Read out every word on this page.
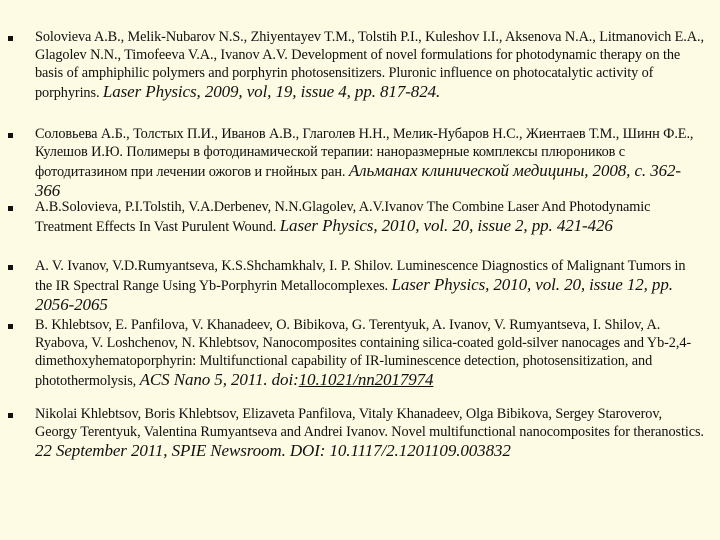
Solovieva A.B., Melik-Nubarov N.S., Zhiyentayev T.M., Tolstih P.I., Kuleshov I.I., Aksenova N.A., Litmanovich E.A., Glagolev N.N., Timofeeva V.A., Ivanov A.V. Development of novel formulations for photodynamic therapy on the basis of amphiphilic polymers and porphyrin photosensitizers. Pluronic influence on photocatalytic activity of porphyrins. Laser Physics, 2009, vol, 19, issue 4, pp. 817-824.
Соловьева А.Б., Толстых П.И., Иванов А.В., Глаголев Н.Н., Мелик-Нубаров Н.С., Жиентаев Т.М., Шинн Ф.Е., Кулешов И.Ю. Полимеры в фотодинамической терапии: наноразмерные комплексы плюроников с фотодитазином при лечении ожогов и гнойных ран. Альманах клинической медицины, 2008, с. 362-366
A.B.Solovieva, P.I.Tolstih, V.A.Derbenev, N.N.Glagolev, A.V.Ivanov The Combine Laser And Photodynamic Treatment Effects In Vast Purulent Wound. Laser Physics, 2010, vol. 20, issue 2, pp. 421-426
A. V. Ivanov, V.D.Rumyantseva, K.S.Shchamkhalv, I. P. Shilov. Luminescence Diagnostics of Malignant Tumors in the IR Spectral Range Using Yb-Porphyrin Metallocomplexes. Laser Physics, 2010, vol. 20, issue 12, pp. 2056-2065
B. Khlebtsov, E. Panfilova, V. Khanadeev, O. Bibikova, G. Terentyuk, A. Ivanov, V. Rumyantseva, I. Shilov, A. Ryabova, V. Loshchenov, N. Khlebtsov, Nanocomposites containing silica-coated gold-silver nanocages and Yb-2,4-dimethoxyhematoporphyrin: Multifunctional capability of IR-luminescence detection, photosensitization, and photothermolysis, ACS Nano 5, 2011. doi:10.1021/nn2017974
Nikolai Khlebtsov, Boris Khlebtsov, Elizaveta Panfilova, Vitaly Khanadeev, Olga Bibikova, Sergey Staroverov, Georgy Terentyuk, Valentina Rumyantseva and Andrei Ivanov. Novel multifunctional nanocomposites for theranostics. 22 September 2011, SPIE Newsroom. DOI: 10.1117/2.1201109.003832
